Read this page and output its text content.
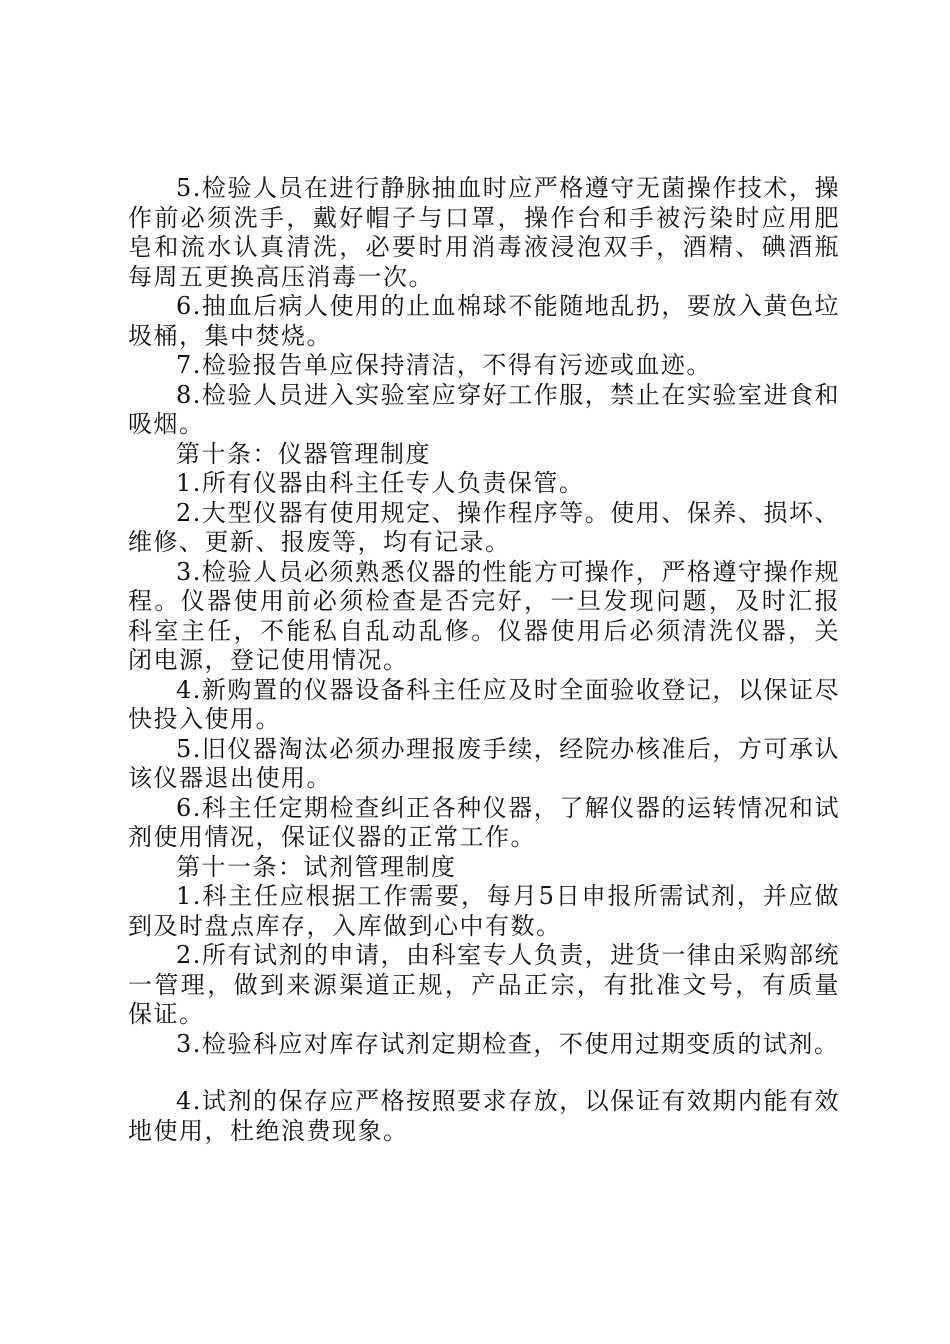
5.检验人员在进行静脉抽血时应严格遵守无菌操作技术，操作前必须洗手，戴好帽子与口罩，操作台和手被污染时应用肥皂和流水认真清洗，必要时用消毒液浸泡双手，酒精、碘酒瓶每周五更换高压消毒一次。

6.抽血后病人使用的止血棉球不能随地乱扔，要放入黄色垃圾桶，集中焚烧。

7.检验报告单应保持清洁，不得有污迹或血迹。

8.检验人员进入实验室应穿好工作服，禁止在实验室进食和吸烟。

第十条：仪器管理制度

1.所有仪器由科主任专人负责保管。

2.大型仪器有使用规定、操作程序等。使用、保养、损坏、维修、更新、报废等，均有记录。

3.检验人员必须熟悉仪器的性能方可操作，严格遵守操作规程。仪器使用前必须检查是否完好，一旦发现问题，及时汇报科室主任，不能私自乱动乱修。仪器使用后必须清洗仪器，关闭电源，登记使用情况。

4.新购置的仪器设备科主任应及时全面验收登记，以保证尽快投入使用。

5.旧仪器淘汰必须办理报废手续，经院办核准后，方可承认该仪器退出使用。

6.科主任定期检查纠正各种仪器，了解仪器的运转情况和试剂使用情况，保证仪器的正常工作。

第十一条：试剂管理制度

1.科主任应根据工作需要，每月5日申报所需试剂，并应做到及时盘点库存，入库做到心中有数。

2.所有试剂的申请，由科室专人负责，进货一律由采购部统一管理，做到来源渠道正规，产品正宗，有批准文号，有质量保证。

3.检验科应对库存试剂定期检查，不使用过期变质的试剂。

4.试剂的保存应严格按照要求存放，以保证有效期内能有效地使用，杜绝浪费现象。
